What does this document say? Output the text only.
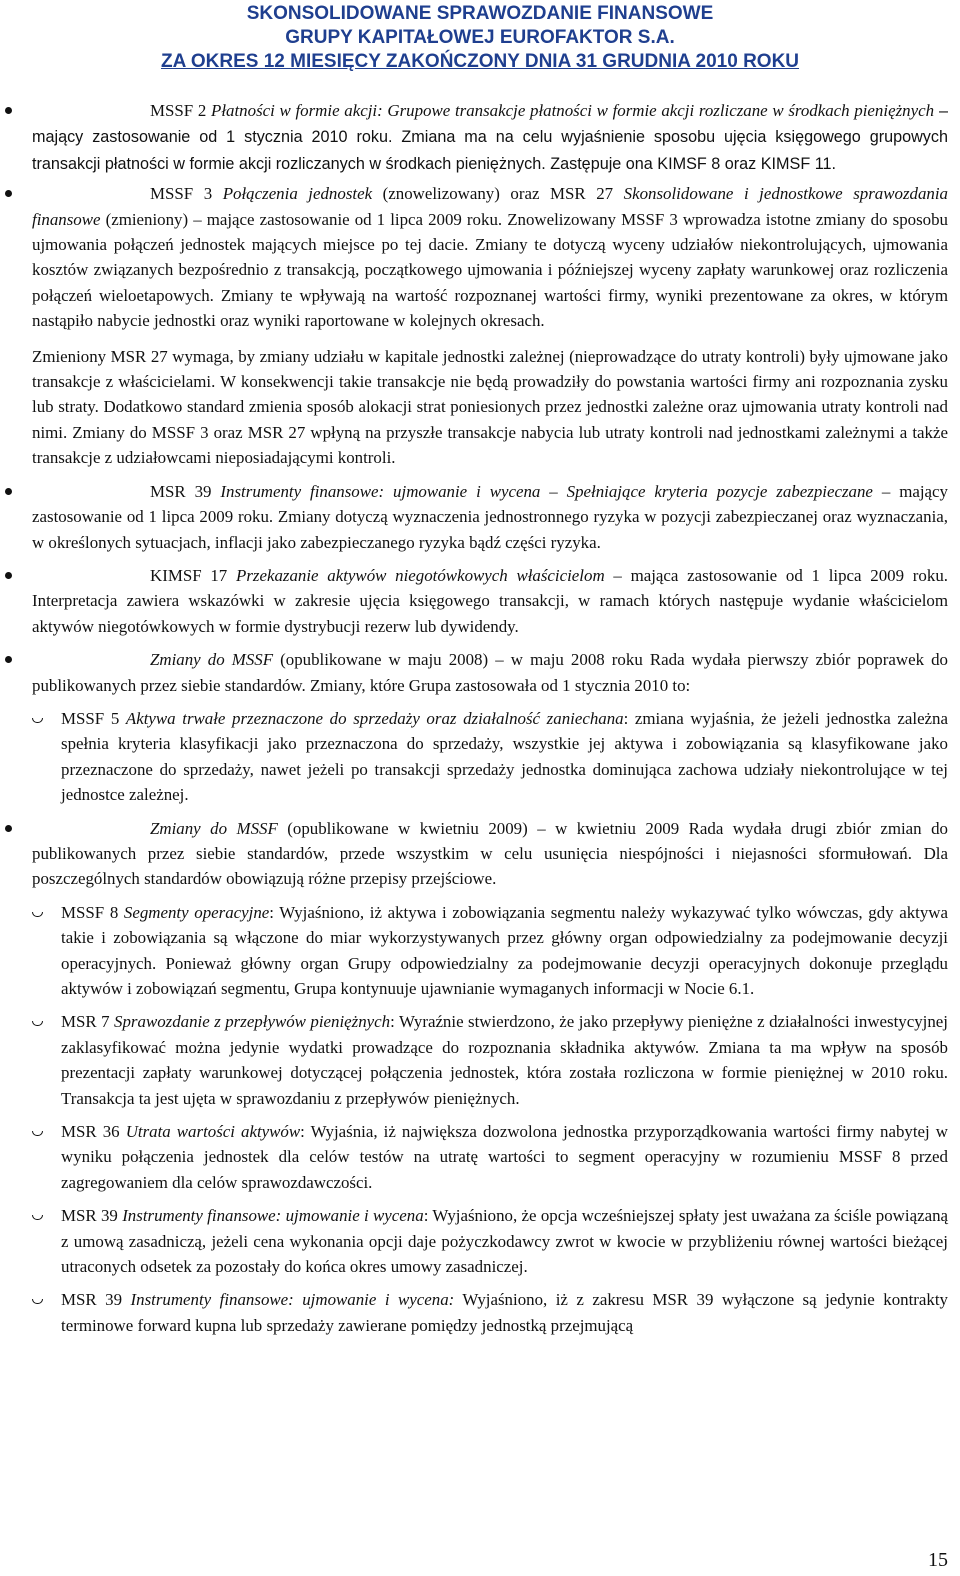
SKONSOLIDOWANE SPRAWOZDANIE FINANSOWE
GRUPY KAPITAŁOWEJ EUROFAKTOR S.A.
ZA OKRES 12 MIESIĘCY ZAKOŃCZONY DNIA 31 GRUDNIA 2010 ROKU

MSSF 2 Płatności w formie akcji: Grupowe transakcje płatności w formie akcji rozliczane w środkach pieniężnych – mający zastosowanie od 1 stycznia 2010 roku. Zmiana ma na celu wyjaśnienie sposobu ujęcia księgowego grupowych transakcji płatności w formie akcji rozliczanych w środkach pieniężnych. Zastępuje ona KIMSF 8 oraz KIMSF 11.

MSSF 3 Połączenia jednostek (znowelizowany) oraz MSR 27 Skonsolidowane i jednostkowe sprawozdania finansowe (zmieniony) – mające zastosowanie od 1 lipca 2009 roku. Znowelizowany MSSF 3 wprowadza istotne zmiany do sposobu ujmowania połączeń jednostek mających miejsce po tej dacie. Zmiany te dotyczą wyceny udziałów niekontrolujących, ujmowania kosztów związanych bezpośrednio z transakcją, początkowego ujmowania i późniejszej wyceny zapłaty warunkowej oraz rozliczenia połączeń wieloetapowych. Zmiany te wpływają na wartość rozpoznanej wartości firmy, wyniki prezentowane za okres, w którym nastąpiło nabycie jednostki oraz wyniki raportowane w kolejnych okresach.

Zmieniony MSR 27 wymaga, by zmiany udziału w kapitale jednostki zależnej (nieprowadzące do utraty kontroli) były ujmowane jako transakcje z właścicielami. W konsekwencji takie transakcje nie będą prowadziły do powstania wartości firmy ani rozpoznania zysku lub straty. Dodatkowo standard zmienia sposób alokacji strat poniesionych przez jednostki zależne oraz ujmowania utraty kontroli nad nimi. Zmiany do MSSF 3 oraz MSR 27 wpłyną na przyszłe transakcje nabycia lub utraty kontroli nad jednostkami zależnymi a także transakcje z udziałowcami nieposiadającymi kontroli.

MSR 39 Instrumenty finansowe: ujmowanie i wycena – Spełniające kryteria pozycje zabezpieczane – mający zastosowanie od 1 lipca 2009 roku. Zmiany dotyczą wyznaczenia jednostronnego ryzyka w pozycji zabezpieczanej oraz wyznaczania, w określonych sytuacjach, inflacji jako zabezpieczanego ryzyka bądź części ryzyka.

KIMSF 17 Przekazanie aktywów niegotówkowych właścicielom – mająca zastosowanie od 1 lipca 2009 roku. Interpretacja zawiera wskazówki w zakresie ujęcia księgowego transakcji, w ramach których następuje wydanie właścicielom aktywów niegotówkowych w formie dystrybucji rezerw lub dywidendy.

Zmiany do MSSF (opublikowane w maju 2008) – w maju 2008 roku Rada wydała pierwszy zbiór poprawek do publikowanych przez siebie standardów. Zmiany, które Grupa zastosowała od 1 stycznia 2010 to:

MSSF 5 Aktywa trwałe przeznaczone do sprzedaży oraz działalność zaniechana: zmiana wyjaśnia, że jeżeli jednostka zależna spełnia kryteria klasyfikacji jako przeznaczona do sprzedaży, wszystkie jej aktywa i zobowiązania są klasyfikowane jako przeznaczone do sprzedaży, nawet jeżeli po transakcji sprzedaży jednostka dominująca zachowa udziały niekontrolujące w tej jednostce zależnej.

Zmiany do MSSF (opublikowane w kwietniu 2009) – w kwietniu 2009 Rada wydała drugi zbiór zmian do publikowanych przez siebie standardów, przede wszystkim w celu usunięcia niespójności i niejasności sformułowań. Dla poszczególnych standardów obowiązują różne przepisy przejściowe.

MSSF 8 Segmenty operacyjne: Wyjaśniono, iż aktywa i zobowiązania segmentu należy wykazywać tylko wówczas, gdy aktywa takie i zobowiązania są włączone do miar wykorzystywanych przez główny organ odpowiedzialny za podejmowanie decyzji operacyjnych. Ponieważ główny organ Grupy odpowiedzialny za podejmowanie decyzji operacyjnych dokonuje przeglądu aktywów i zobowiązań segmentu, Grupa kontynuuje ujawnianie wymaganych informacji w Nocie 6.1.

MSR 7 Sprawozdanie z przepływów pieniężnych: Wyraźnie stwierdzono, że jako przepływy pieniężne z działalności inwestycyjnej zaklasyfikować można jedynie wydatki prowadzące do rozpoznania składnika aktywów. Zmiana ta ma wpływ na sposób prezentacji zapłaty warunkowej dotyczącej połączenia jednostek, która została rozliczona w formie pieniężnej w 2010 roku. Transakcja ta jest ujęta w sprawozdaniu z przepływów pieniężnych.

MSR 36 Utrata wartości aktywów: Wyjaśnia, iż największa dozwolona jednostka przyporządkowania wartości firmy nabytej w wyniku połączenia jednostek dla celów testów na utratę wartości to segment operacyjny w rozumieniu MSSF 8 przed zagregowaniem dla celów sprawozdawczości.

MSR 39 Instrumenty finansowe: ujmowanie i wycena: Wyjaśniono, że opcja wcześniejszej spłaty jest uważana za ściśle powiązaną z umową zasadniczą, jeżeli cena wykonania opcji daje pożyczkodawcy zwrot w kwocie w przybliżeniu równej wartości bieżącej utraconych odsetek za pozostały do końca okres umowy zasadniczej.

MSR 39 Instrumenty finansowe: ujmowanie i wycena: Wyjaśniono, iż z zakresu MSR 39 wyłączone są jedynie kontrakty terminowe forward kupna lub sprzedaży zawierane pomiędzy jednostką przejmującą

15
